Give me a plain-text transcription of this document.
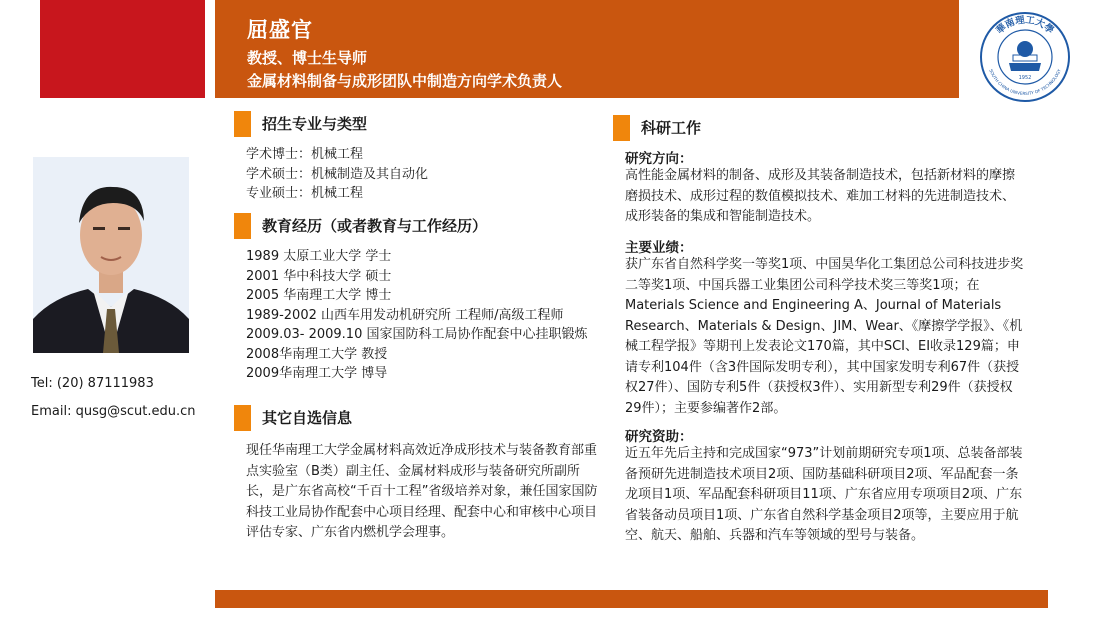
屈盛官
教授、博士生导师
金属材料制备与成形团队中制造方向学术负责人
華南理工大學
SOUTH CHINA UNIVERSITY OF TECHNOLOGY
1952
Tel: (20) 87111983
Email: qusg@scut.edu.cn
招生专业与类型
学术博士：机械工程
学术硕士：机械制造及其自动化
专业硕士：机械工程
教育经历（或者教育与工作经历）
1989 太原工业大学 学士
2001 华中科技大学 硕士
2005 华南理工大学 博士
1989-2002 山西车用发动机研究所 工程师/高级工程师
2009.03- 2009.10 国家国防科工局协作配套中心挂职锻炼
2008华南理工大学 教授
2009华南理工大学 博导
其它自选信息
现任华南理工大学金属材料高效近净成形技术与装备教育部重点实验室（B类）副主任、金属材料成形与装备研究所副所长，是广东省高校“千百十工程”省级培养对象，兼任国家国防科技工业局协作配套中心项目经理、配套中心和审核中心项目评估专家、广东省内燃机学会理事。
科研工作
研究方向：
高性能金属材料的制备、成形及其装备制造技术，包括新材料的摩擦磨损技术、成形过程的数值模拟技术、难加工材料的先进制造技术、成形装备的集成和智能制造技术。
主要业绩：
获广东省自然科学奖一等奖1项、中国昊华化工集团总公司科技进步奖二等奖1项、中国兵器工业集团公司科学技术奖三等奖1项；在Materials Science and Engineering A、Journal of Materials Research、Materials & Design、JIM、Wear、《摩擦学学报》、《机械工程学报》等期刊上发表论文170篇，其中SCI、EI收录129篇；申请专利104件（含3件国际发明专利），其中国家发明专利67件（获授权27件）、国防专利5件（获授权3件）、实用新型专利29件（获授权29件）；主要参编著作2部。
研究资助：
近五年先后主持和完成国家“973”计划前期研究专项1项、总装备部装备预研先进制造技术项目2项、国防基础科研项目2项、军品配套一条龙项目1项、军品配套科研项目11项、广东省应用专项项目2项、广东省装备动员项目1项、广东省自然科学基金项目2项等，主要应用于航空、航天、船舶、兵器和汽车等领域的型号与装备。
